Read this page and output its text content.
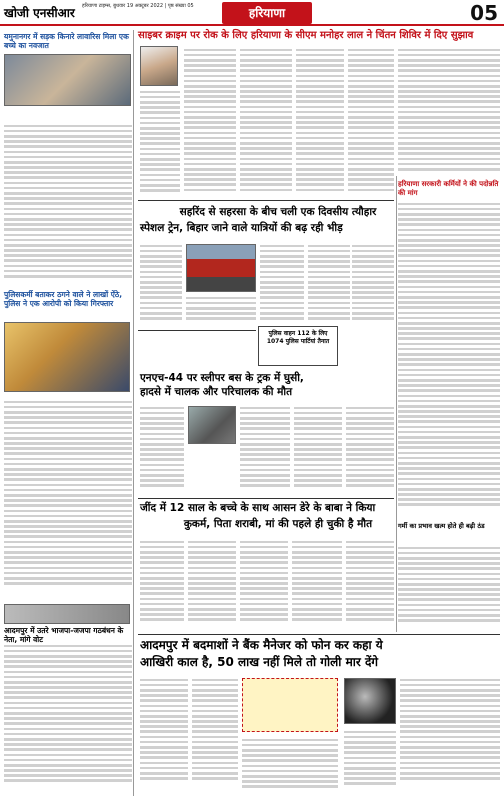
खोजी एनसीआर हरियाणा टाइम्स, बुधवार 19 अक्टूबर 2022 | पृष्ठ संख्या 05	हरियाणा	05
यमुनानगर में सड़क किनारे लावारिस मिला एक बच्चे का नवजात
पुलिसकर्मी बताकर ठगने वाले ने लाखों ऐंठे, पुलिस ने एक आरोपी को किया गिरफ्तार
आदमपुर में उतरे भाजपा-जजपा गठबंधन के नेता, मांगे वोट
साइबर क्राइम पर रोक के लिए हरियाणा के सीएम मनोहर लाल ने चिंतन शिविर में दिए सुझाव
हरियाणा सरकारी कर्मियों ने की पदोन्नति की मांग
सहरिंद से सहरसा के बीच चली एक दिवसीय त्यौहार
स्पेशल ट्रेन, बिहार जाने वाले यात्रियों की बढ़ रही भीड़
पुलिस वाहन 112 के लिए 1074 पुलिस पार्टियां तैनात
एनएच-44 पर स्लीपर बस के ट्रक में घुसी,
हादसे में चालक और परिचालक की मौत
जींद में 12 साल के बच्चे के साथ आसन डेरे के बाबा ने किया
कुकर्म, पिता शराबी, मां की पहले ही चुकी है मौत	गर्मी का प्रभाव खत्म होते ही बढ़ी ठंड
आदमपुर में बदमाशों ने बैंक मैनेजर को फोन कर कहा ये
आखिरी काल है, 50 लाख नहीं मिले तो गोली मार देंगे
